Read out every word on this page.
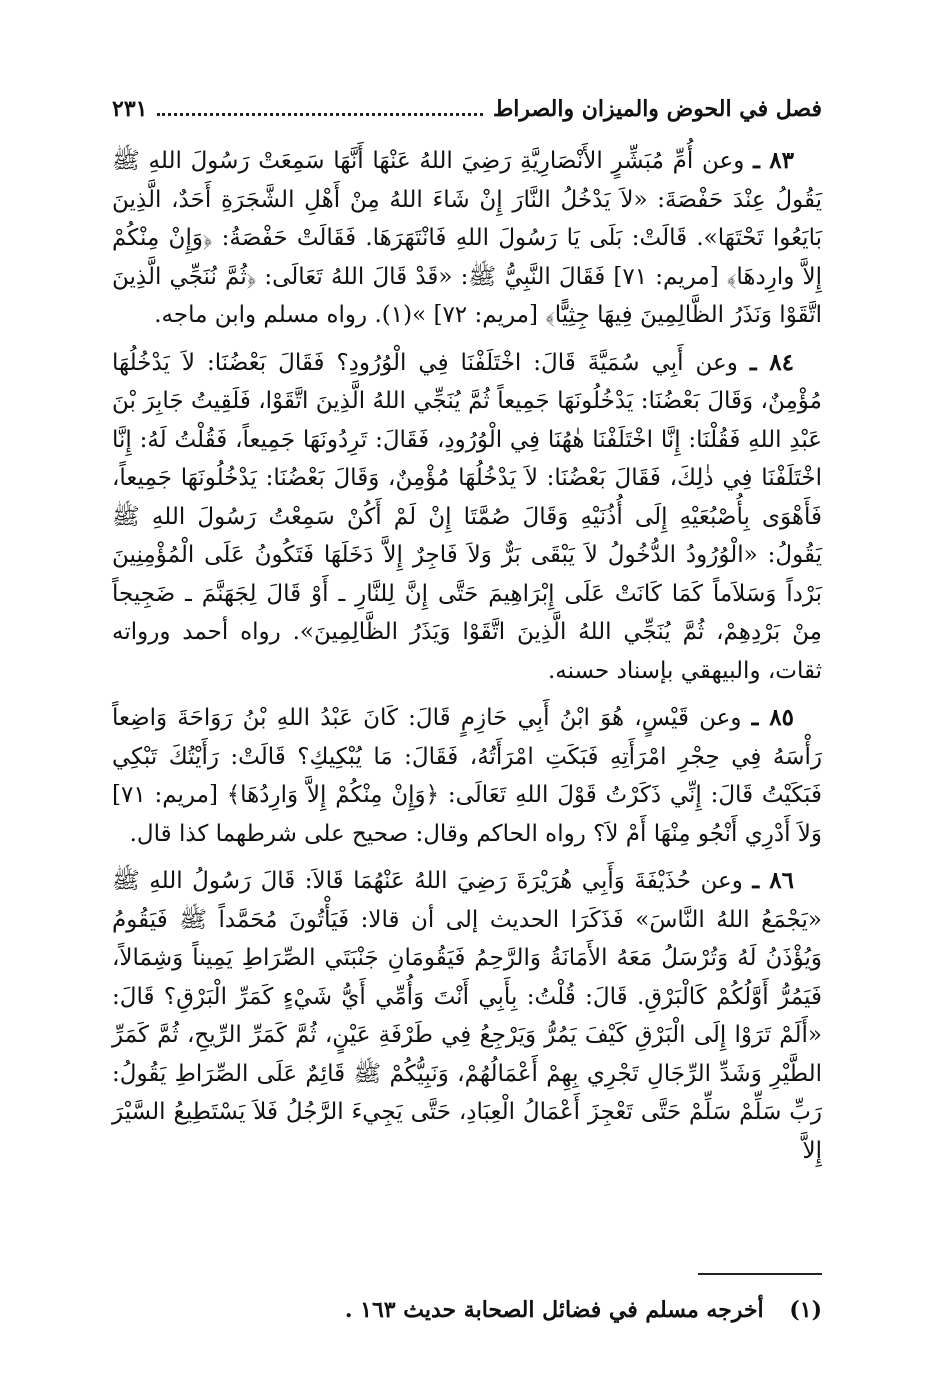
فصل في الحوض والميزان والصراط
٢٣١

٨٣ ـ وعن أُمِّ مُبَشِّرٍ الأَنْصَارِيَّةِ رَضِيَ اللهُ عَنْهَا أَنَّهَا سَمِعَتْ رَسُولَ اللهِ ﷺ يَقُولُ عِنْدَ حَفْصَةَ: «لاَ يَدْخُلُ النَّارَ إِنْ شَاءَ اللهُ مِنْ أَهْلِ الشَّجَرَةِ أَحَدٌ، الَّذِينَ بَايَعُوا تَحْتَهَا». قَالَتْ: بَلَى يَا رَسُولَ اللهِ فَانْتَهَرَهَا. فَقَالَتْ حَفْصَةُ: ﴿وَإِنْ مِنْكُمْ إِلاَّ وارِدهَا﴾ [مريم: ٧١] فَقَالَ النَّبِيُّ ﷺ: «قَدْ قَالَ اللهُ تَعَالَى: ﴿ثُمَّ نُنَجِّي الَّذِينَ اتَّقَوْا وَنَذَرُ الظَّالِمِينَ فِيهَا جِثِيًّا﴾ [مريم: ٧٢] »(١). رواه مسلم وابن ماجه.

٨٤ ـ وعن أَبِي سُمَيَّةَ قَالَ: اخْتَلَفْنَا فِي الْوُرُودِ؟ فَقَالَ بَعْضُنَا: لاَ يَدْخُلُهَا مُؤْمِنٌ، وَقَالَ بَعْضُنَا: يَدْخُلُونَهَا جَمِيعاً ثُمَّ يُنَجِّي اللهُ الَّذِينَ اتَّقَوْا، فَلَقِيتُ جَابِرَ بْنَ عَبْدِ اللهِ فَقُلْنَا: إِنَّا اخْتَلَفْنَا هٰهُنَا فِي الْوُرُودِ، فَقَالَ: تَرِدُونَهَا جَمِيعاً، فَقُلْتُ لَهُ: إِنَّا اخْتَلَفْنَا فِي ذٰلِكَ، فَقَالَ بَعْضُنَا: لاَ يَدْخُلُهَا مُؤْمِنٌ، وَقَالَ بَعْضُنَا: يَدْخُلُونَهَا جَمِيعاً، فَأَهْوَى بِأُصْبُعَيْهِ إِلَى أُذُنَيْهِ وَقَالَ صُمَّتَا إِنْ لَمْ أَكُنْ سَمِعْتُ رَسُولَ اللهِ ﷺ يَقُولُ: «الْوُرُودُ الدُّخُولُ لاَ يَبْقَى بَرٌّ وَلاَ فَاجِرٌ إِلاَّ دَخَلَهَا فَتَكُونُ عَلَى الْمُؤْمِنِينَ بَرْداً وَسَلاَماً كَمَا كَانَتْ عَلَى إِبْرَاهِيمَ حَتَّى إِنَّ لِلنَّارِ ـ أَوْ قَالَ لِجَهَنَّمَ ـ ضَجِيجاً مِنْ بَرْدِهِمْ، ثُمَّ يُنَجِّي اللهُ الَّذِينَ اتَّقَوْا وَيَذَرُ الظَّالِمِينَ». رواه أحمد ورواته ثقات، والبيهقي بإسناد حسنه.

٨٥ ـ وعن قَيْسٍ، هُوَ ابْنُ أَبِي حَازِمٍ قَالَ: كَانَ عَبْدُ اللهِ بْنُ رَوَاحَةَ وَاضِعاً رَأْسَهُ فِي حِجْرِ امْرَأَتِهِ فَبَكَتِ امْرَأَتُهُ، فَقَالَ: مَا يُبْكِيكِ؟ قَالَتْ: رَأَيْتُكَ تَبْكِي فَبَكَيْتُ قَالَ: إِنِّي ذَكَرْتُ قَوْلَ اللهِ تَعَالَى: ﴿وَإِنْ مِنْكُمْ إِلاَّ وَارِدُهَا﴾ [مريم: ٧١] وَلاَ أَدْرِي أَنْجُو مِنْهَا أَمْ لاَ؟ رواه الحاكم وقال: صحيح على شرطهما كذا قال.

٨٦ ـ وعن حُذَيْفَةَ وَأَبِي هُرَيْرَةَ رَضِيَ اللهُ عَنْهُمَا قَالاَ: قَالَ رَسُولُ اللهِ ﷺ «يَجْمَعُ اللهُ النَّاسَ» فَذَكَرَا الحديث إلى أن قالا: فَيَأْتُونَ مُحَمَّداً ﷺ فَيَقُومُ وَيُؤْذَنُ لَهُ وَتُرْسَلُ مَعَهُ الأَمَانَةُ وَالرَّحِمُ فَيَقُومَانِ جَنْبَتَي الصِّرَاطِ يَمِيناً وَشِمَالاً، فَيَمُرُّ أَوَّلُكُمْ كَالْبَرْقِ. قَالَ: قُلْتُ: بِأَبِي أَنْتَ وَأُمِّي أَيُّ شَيْءٍ كَمَرِّ الْبَرْقِ؟ قَالَ: «أَلَمْ تَرَوْا إِلَى الْبَرْقِ كَيْفَ يَمُرُّ وَيَرْجِعُ فِي طَرْفَةِ عَيْنٍ، ثُمَّ كَمَرِّ الرِّيحِ، ثُمَّ كَمَرِّ الطَّيْرِ وَشَدِّ الرِّجَالِ تَجْرِي بِهِمْ أَعْمَالُهُمْ، وَنَبِيُّكُمْ ﷺ قَائِمٌ عَلَى الصِّرَاطِ يَقُولُ: رَبِّ سَلِّمْ سَلِّمْ حَتَّى تَعْجِزَ أَعْمَالُ الْعِبَادِ، حَتَّى يَجِيءَ الرَّجُلُ فَلاَ يَسْتَطِيعُ السَّيْرَ إِلاَّ

(١) أخرجه مسلم في فضائل الصحابة حديث ١٦٣ .
